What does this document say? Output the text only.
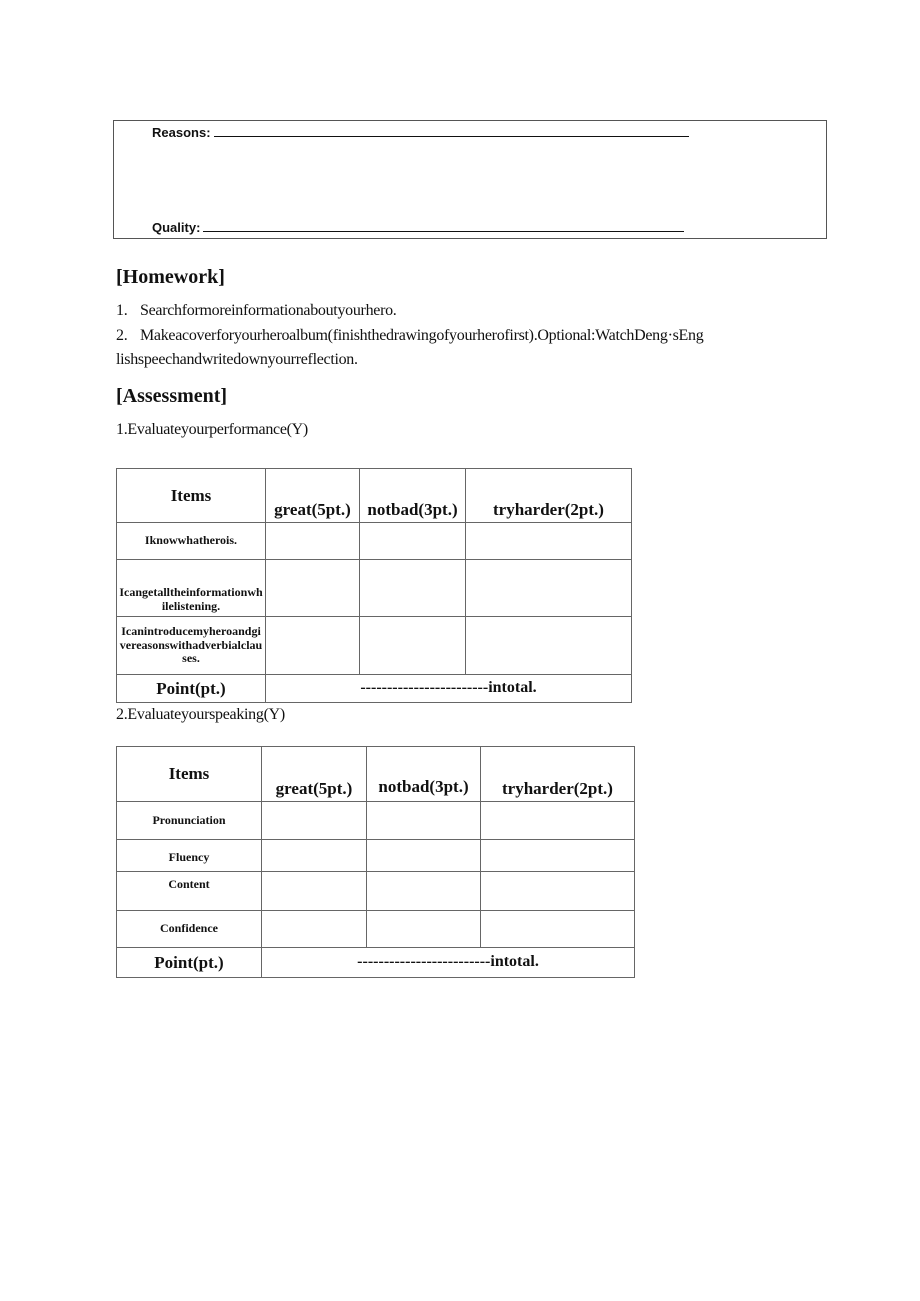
Reasons:
Quality:
[Homework]
1. Searchformoreinformationaboutyourhero.
2. Makeacoverforyourheroalbum(finishthedrawingofyourherofirst).Optional:WatchDeng·sEng
lishspeechandwritedownyourreflection.
[Assessment]
1.Evaluateyourperformance(Y)
Items	great(5pt.)	notbad(3pt.)	tryharder(2pt.)
Iknowwhatherois.			

Icangetalltheinformationwhilelistening.			

Icanintroducemyheroandgivereasonswithadverbialclauses.			

Point(pt.)	------------------------intotal.		
2.Evaluateyourspeaking(Y)
Items	great(5pt.)	notbad(3pt.)	tryharder(2pt.)
Pronunciation			
Fluency			
Content			
Confidence			
Point(pt.)	-------------------------intotal.		
